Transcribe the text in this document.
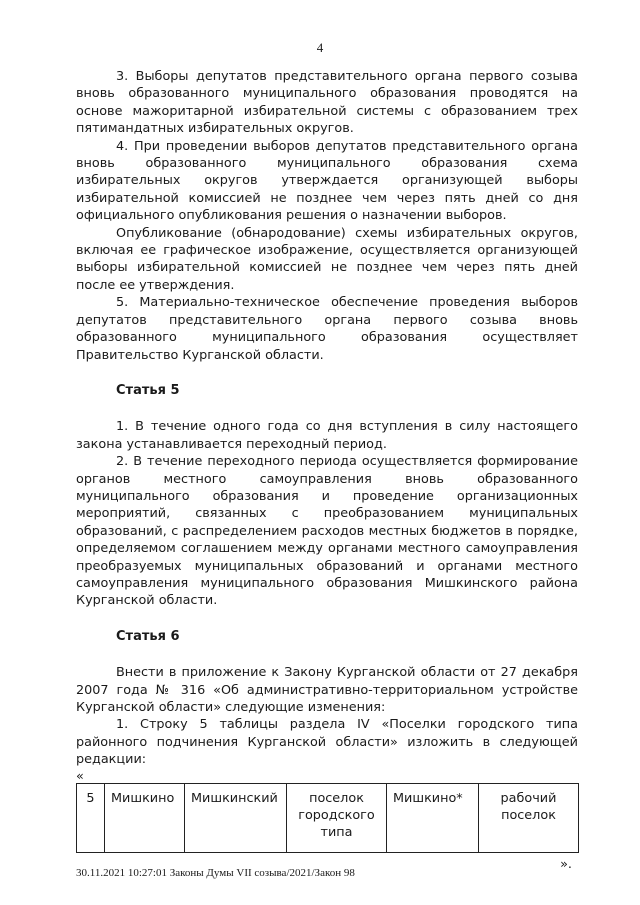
4

3. Выборы депутатов представительного органа первого созыва вновь образованного муниципального образования проводятся на основе мажоритарной избирательной системы с образованием трех пятимандатных избирательных округов.

4. При проведении выборов депутатов представительного органа вновь образованного муниципального образования схема избирательных округов утверждается организующей выборы избирательной комиссией не позднее чем через пять дней со дня официального опубликования решения о назначении выборов.

Опубликование (обнародование) схемы избирательных округов, включая ее графическое изображение, осуществляется организующей выборы избирательной комиссией не позднее чем через пять дней после ее утверждения.

5. Материально-техническое обеспечение проведения выборов депутатов представительного органа первого созыва вновь образованного муниципального образования осуществляет Правительство Курганской области.

Статья 5

1. В течение одного года со дня вступления в силу настоящего закона устанавливается переходный период.

2. В течение переходного периода осуществляется формирование органов местного самоуправления вновь образованного муниципального образования и проведение организационных мероприятий, связанных с преобразованием муниципальных образований, с распределением расходов местных бюджетов в порядке, определяемом соглашением между органами местного самоуправления преобразуемых муниципальных образований и органами местного самоуправления муниципального образования Мишкинского района Курганской области.

Статья 6

Внести в приложение к Закону Курганской области от 27 декабря 2007 года № 316 «Об административно-территориальном устройстве Курганской области» следующие изменения:

1. Строку 5 таблицы раздела IV «Поселки городского типа районного подчинения Курганской области» изложить в следующей редакции:

«
5	Мишкино	Мишкинский	поселок городского типа	Мишкино*	рабочий поселок
».
30.11.2021 10:27:01 Законы Думы VII созыва/2021/Закон 98
